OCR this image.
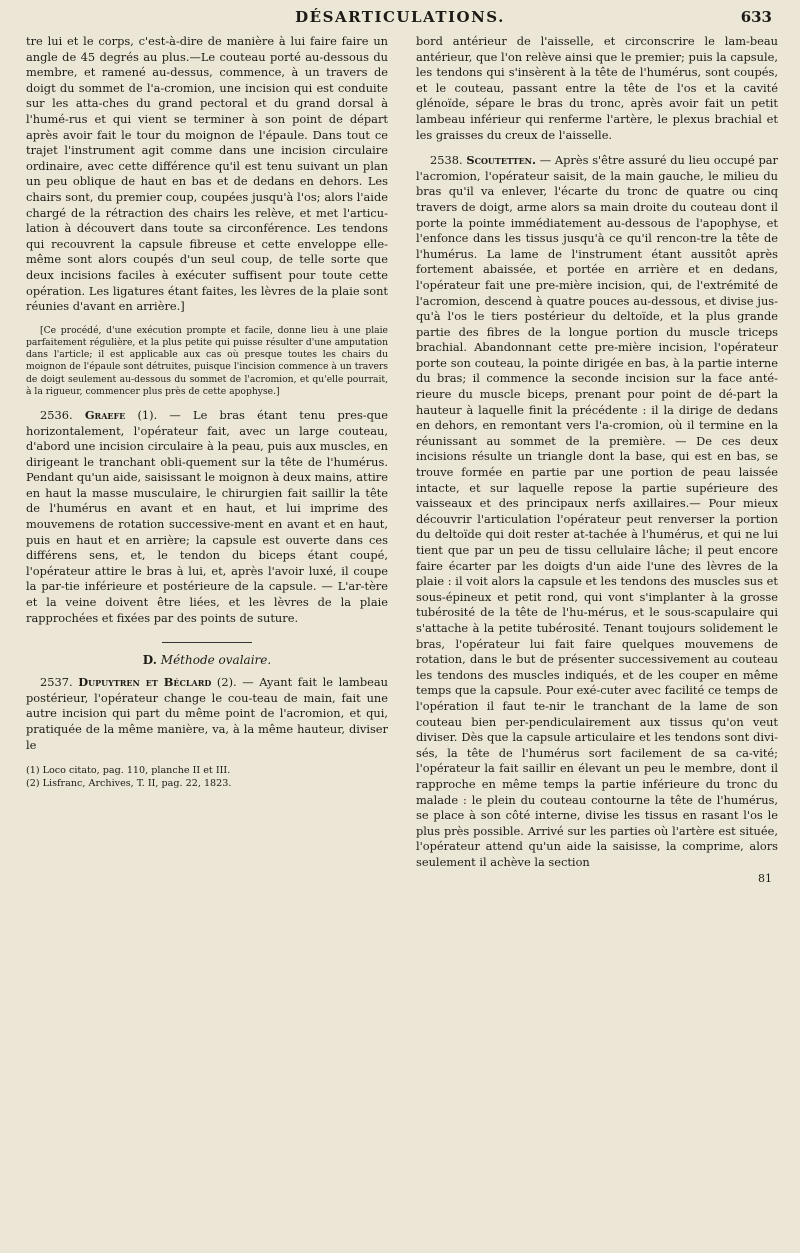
DÉSARTICULATIONS.	633

tre lui et le corps, c'est-à-dire de manière à lui faire faire un angle de 45 degrés au plus.—Le couteau porté au-dessous du membre, et ramené au-dessus, commence, à un travers de doigt du sommet de l'a-cromion, une incision qui est conduite sur les atta-ches du grand pectoral et du grand dorsal à l'humé-rus et qui vient se terminer à son point de départ après avoir fait le tour du moignon de l'épaule. Dans tout ce trajet l'instrument agit comme dans une incision circulaire ordinaire, avec cette différence qu'il est tenu suivant un plan un peu oblique de haut en bas et de dedans en dehors. Les chairs sont, du premier coup, coupées jusqu'à l'os; alors l'aide chargé de la rétraction des chairs les relève, et met l'articu-lation à découvert dans toute sa circonférence. Les tendons qui recouvrent la capsule fibreuse et cette enveloppe elle-même sont alors coupés d'un seul coup, de telle sorte que deux incisions faciles à exécuter suffisent pour toute cette opération. Les ligatures étant faites, les lèvres de la plaie sont réunies d'avant en arrière.]

[Ce procédé, d'une exécution prompte et facile, donne lieu à une plaie parfaitement régulière, et la plus petite qui puisse résulter d'une amputation dans l'article; il est applicable aux cas où presque toutes les chairs du moignon de l'épaule sont détruites, puisque l'incision commence à un travers de doigt seulement au-dessous du sommet de l'acromion, et qu'elle pourrait, à la rigueur, commencer plus près de cette apophyse.]

2536. Graefe (1). — Le bras étant tenu pres-que horizontalement, l'opérateur fait, avec un large couteau, d'abord une incision circulaire à la peau, puis aux muscles, en dirigeant le tranchant obli-quement sur la tête de l'humérus. Pendant qu'un aide, saisissant le moignon à deux mains, attire en haut la masse musculaire, le chirurgien fait saillir la tête de l'humérus en avant et en haut, et lui imprime des mouvemens de rotation successive-ment en avant et en haut, puis en haut et en arrière; la capsule est ouverte dans ces différens sens, et, le tendon du biceps étant coupé, l'opérateur attire le bras à lui, et, après l'avoir luxé, il coupe la par-tie inférieure et postérieure de la capsule. — L'ar-tère et la veine doivent être liées, et les lèvres de la plaie rapprochées et fixées par des points de suture.

D. Méthode ovalaire.

2537. Dupuytren et Béclard (2). — Ayant fait le lambeau postérieur, l'opérateur change le cou-teau de main, fait une autre incision qui part du même point de l'acromion, et qui, pratiquée de la même manière, va, à la même hauteur, diviser le

(1) Loco citato, pag. 110, planche II et III.

(2) Lisfranc, Archives, T. II, pag. 22, 1823.

bord antérieur de l'aisselle, et circonscrire le lam-beau antérieur, que l'on relève ainsi que le premier; puis la capsule, les tendons qui s'insèrent à la tête de l'humérus, sont coupés, et le couteau, passant entre la tête de l'os et la cavité glénoïde, sépare le bras du tronc, après avoir fait un petit lambeau inférieur qui renferme l'artère, le plexus brachial et les graisses du creux de l'aisselle.

2538. Scoutetten. — Après s'être assuré du lieu occupé par l'acromion, l'opérateur saisit, de la main gauche, le milieu du bras qu'il va enlever, l'écarte du tronc de quatre ou cinq travers de doigt, arme alors sa main droite du couteau dont il porte la pointe immédiatement au-dessous de l'apophyse, et l'enfonce dans les tissus jusqu'à ce qu'il rencon-tre la tête de l'humérus. La lame de l'instrument étant aussitôt après fortement abaissée, et portée en arrière et en dedans, l'opérateur fait une pre-mière incision, qui, de l'extrémité de l'acromion, descend à quatre pouces au-dessous, et divise jus-qu'à l'os le tiers postérieur du deltoïde, et la plus grande partie des fibres de la longue portion du muscle triceps brachial. Abandonnant cette pre-mière incision, l'opérateur porte son couteau, la pointe dirigée en bas, à la partie interne du bras; il commence la seconde incision sur la face anté-rieure du muscle biceps, prenant pour point de dé-part la hauteur à laquelle finit la précédente : il la dirige de dedans en dehors, en remontant vers l'a-cromion, où il termine en la réunissant au sommet de la première. — De ces deux incisions résulte un triangle dont la base, qui est en bas, se trouve formée en partie par une portion de peau laissée intacte, et sur laquelle repose la partie supérieure des vaisseaux et des principaux nerfs axillaires.— Pour mieux découvrir l'articulation l'opérateur peut renverser la portion du deltoïde qui doit rester at-tachée à l'humérus, et qui ne lui tient que par un peu de tissu cellulaire lâche; il peut encore faire écarter par les doigts d'un aide l'une des lèvres de la plaie : il voit alors la capsule et les tendons des muscles sus et sous-épineux et petit rond, qui vont s'implanter à la grosse tubérosité de la tête de l'hu-mérus, et le sous-scapulaire qui s'attache à la petite tubérosité. Tenant toujours solidement le bras, l'opérateur lui fait faire quelques mouvemens de rotation, dans le but de présenter successivement au couteau les tendons des muscles indiqués, et de les couper en même temps que la capsule. Pour exé-cuter avec facilité ce temps de l'opération il faut te-nir le tranchant de la lame de son couteau bien per-pendiculairement aux tissus qu'on veut diviser. Dès que la capsule articulaire et les tendons sont divi-sés, la tête de l'humérus sort facilement de sa ca-vité; l'opérateur la fait saillir en élevant un peu le membre, dont il rapproche en même temps la partie inférieure du tronc du malade : le plein du couteau contourne la tête de l'humérus, se place à son côté interne, divise les tissus en rasant l'os le plus près possible. Arrivé sur les parties où l'artère est située, l'opérateur attend qu'un aide la saisisse, la comprime, alors seulement il achève la section

81
